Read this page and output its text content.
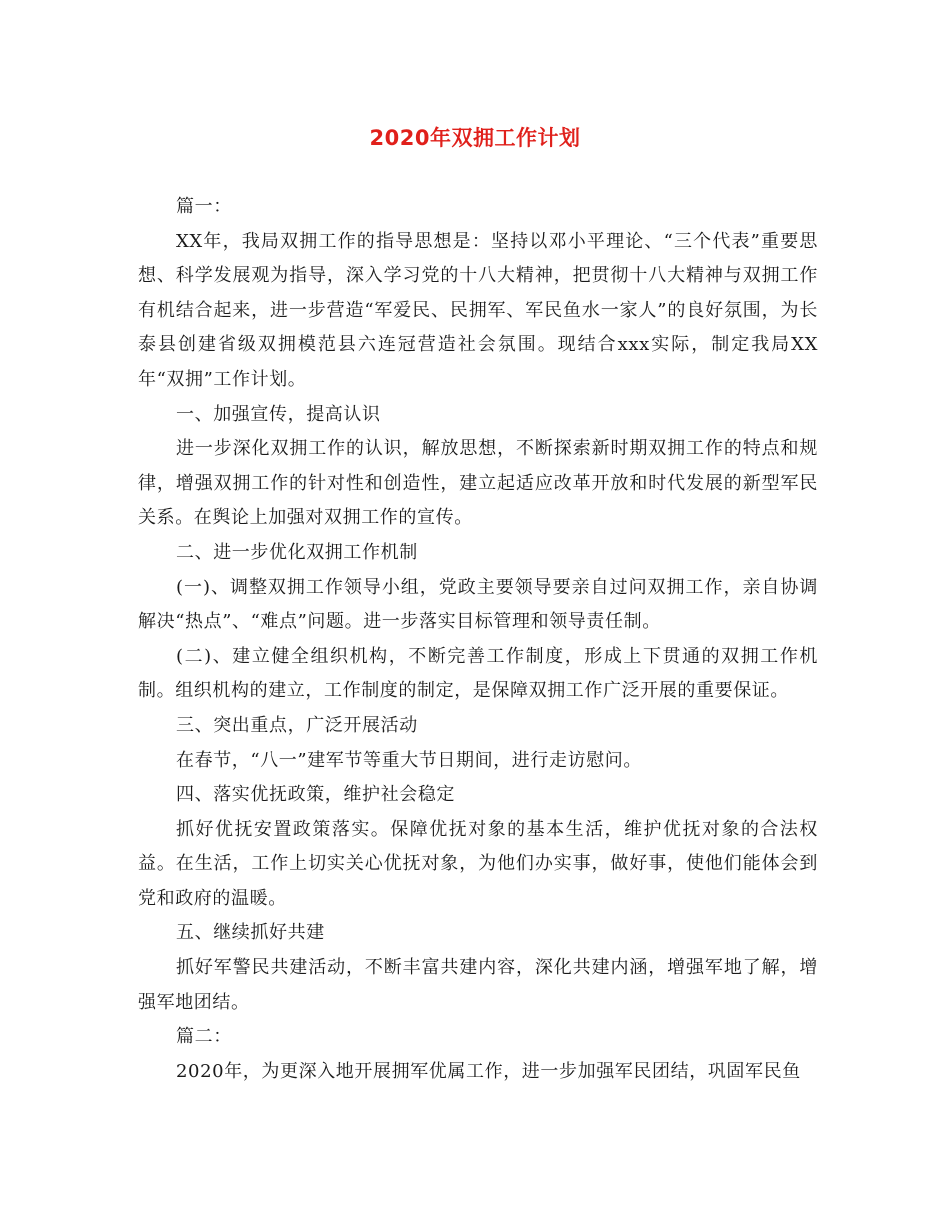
2020年双拥工作计划

篇一：

XX年，我局双拥工作的指导思想是：坚持以邓小平理论、“三个代表”重要思想、科学发展观为指导，深入学习党的十八大精神，把贯彻十八大精神与双拥工作有机结合起来，进一步营造“军爱民、民拥军、军民鱼水一家人”的良好氛围，为长泰县创建省级双拥模范县六连冠营造社会氛围。现结合xxx实际，制定我局XX年“双拥”工作计划。

一、加强宣传，提高认识

进一步深化双拥工作的认识，解放思想，不断探索新时期双拥工作的特点和规律，增强双拥工作的针对性和创造性，建立起适应改革开放和时代发展的新型军民关系。在舆论上加强对双拥工作的宣传。

二、进一步优化双拥工作机制

(一)、调整双拥工作领导小组，党政主要领导要亲自过问双拥工作，亲自协调解决“热点”、“难点”问题。进一步落实目标管理和领导责任制。

(二)、建立健全组织机构，不断完善工作制度，形成上下贯通的双拥工作机制。组织机构的建立，工作制度的制定，是保障双拥工作广泛开展的重要保证。

三、突出重点，广泛开展活动

在春节，“八一”建军节等重大节日期间，进行走访慰问。

四、落实优抚政策，维护社会稳定

抓好优抚安置政策落实。保障优抚对象的基本生活，维护优抚对象的合法权益。在生活，工作上切实关心优抚对象，为他们办实事，做好事，使他们能体会到党和政府的温暖。

五、继续抓好共建

抓好军警民共建活动，不断丰富共建内容，深化共建内涵，增强军地了解，增强军地团结。

篇二：

2020年，为更深入地开展拥军优属工作，进一步加强军民团结，巩固军民鱼
